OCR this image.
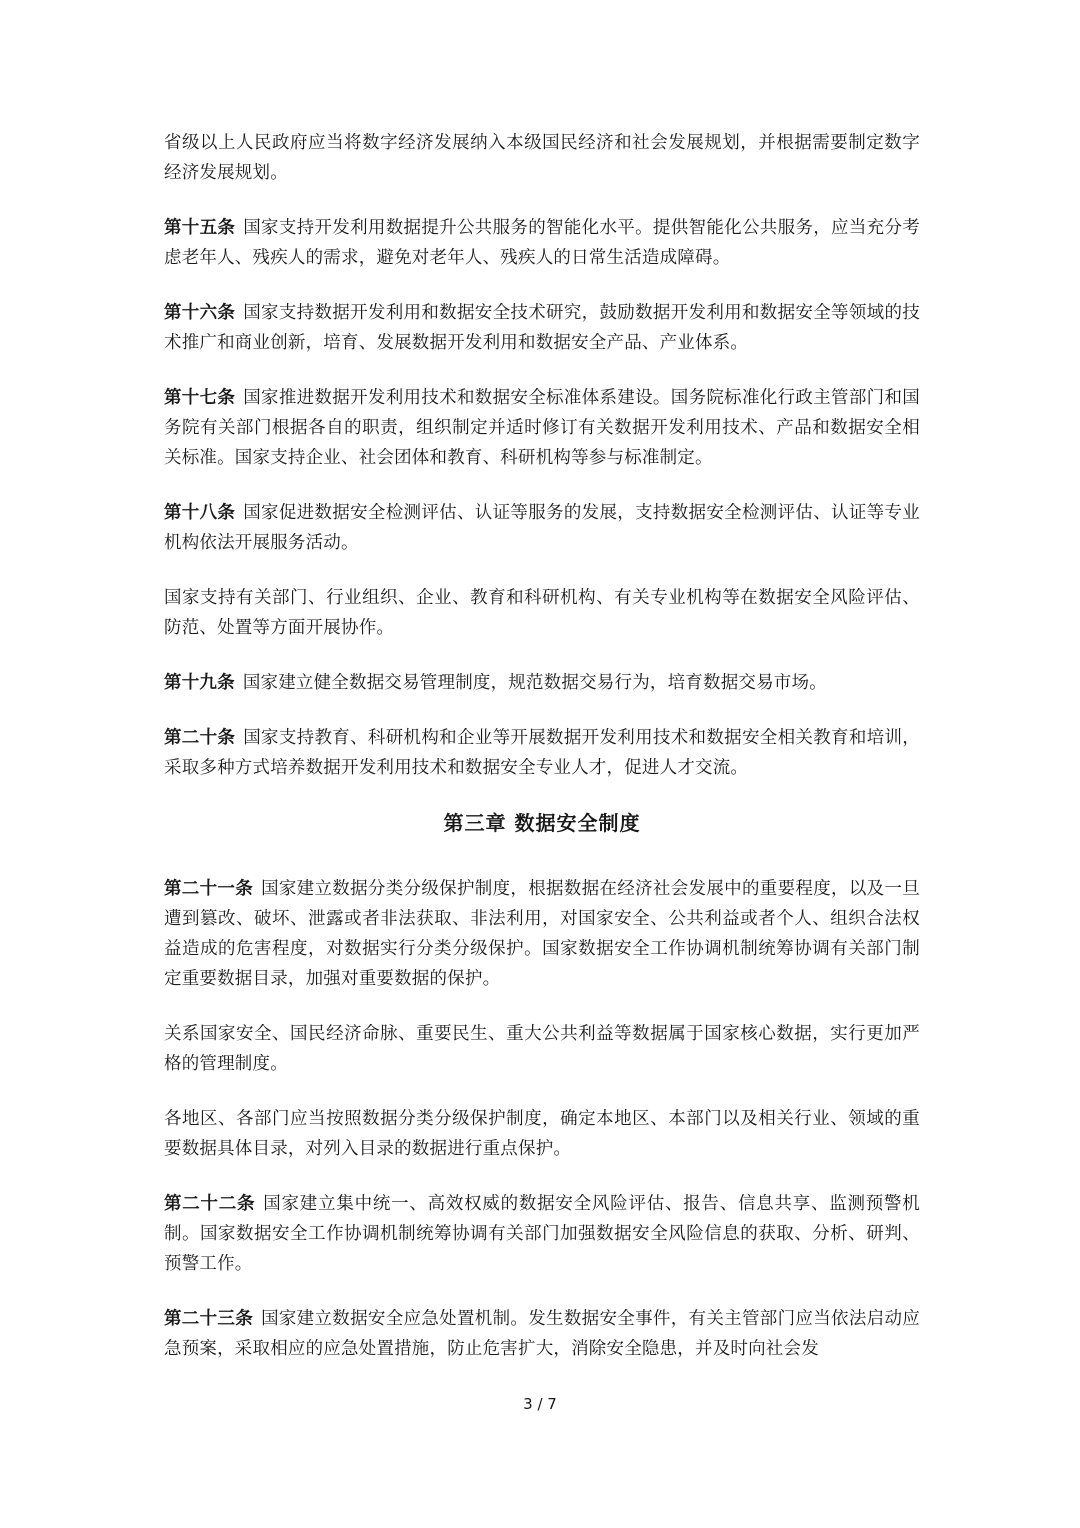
省级以上人民政府应当将数字经济发展纳入本级国民经济和社会发展规划，并根据需要制定数字经济发展规划。

第十五条 国家支持开发利用数据提升公共服务的智能化水平。提供智能化公共服务，应当充分考虑老年人、残疾人的需求，避免对老年人、残疾人的日常生活造成障碍。

第十六条 国家支持数据开发利用和数据安全技术研究，鼓励数据开发利用和数据安全等领域的技术推广和商业创新，培育、发展数据开发利用和数据安全产品、产业体系。

第十七条 国家推进数据开发利用技术和数据安全标准体系建设。国务院标准化行政主管部门和国务院有关部门根据各自的职责，组织制定并适时修订有关数据开发利用技术、产品和数据安全相关标准。国家支持企业、社会团体和教育、科研机构等参与标准制定。

第十八条 国家促进数据安全检测评估、认证等服务的发展，支持数据安全检测评估、认证等专业机构依法开展服务活动。

国家支持有关部门、行业组织、企业、教育和科研机构、有关专业机构等在数据安全风险评估、防范、处置等方面开展协作。

第十九条 国家建立健全数据交易管理制度，规范数据交易行为，培育数据交易市场。

第二十条 国家支持教育、科研机构和企业等开展数据开发利用技术和数据安全相关教育和培训，采取多种方式培养数据开发利用技术和数据安全专业人才，促进人才交流。

第三章 数据安全制度

第二十一条 国家建立数据分类分级保护制度，根据数据在经济社会发展中的重要程度，以及一旦遭到篡改、破坏、泄露或者非法获取、非法利用，对国家安全、公共利益或者个人、组织合法权益造成的危害程度，对数据实行分类分级保护。国家数据安全工作协调机制统筹协调有关部门制定重要数据目录，加强对重要数据的保护。

关系国家安全、国民经济命脉、重要民生、重大公共利益等数据属于国家核心数据，实行更加严格的管理制度。

各地区、各部门应当按照数据分类分级保护制度，确定本地区、本部门以及相关行业、领域的重要数据具体目录，对列入目录的数据进行重点保护。

第二十二条 国家建立集中统一、高效权威的数据安全风险评估、报告、信息共享、监测预警机制。国家数据安全工作协调机制统筹协调有关部门加强数据安全风险信息的获取、分析、研判、预警工作。

第二十三条 国家建立数据安全应急处置机制。发生数据安全事件，有关主管部门应当依法启动应急预案，采取相应的应急处置措施，防止危害扩大，消除安全隐患，并及时向社会发

3 / 7
